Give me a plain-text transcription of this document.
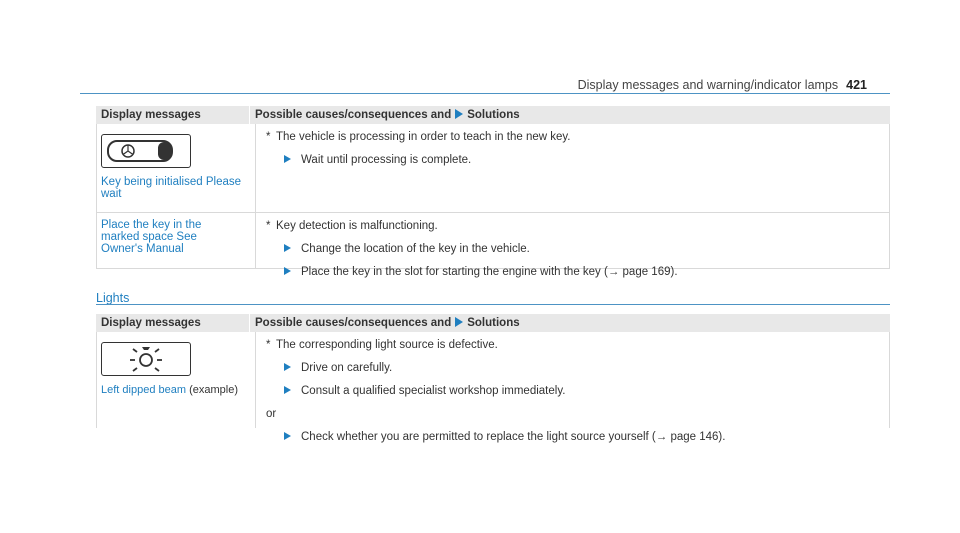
Display messages and warning/indicator lamps 421
Display messages	Possible causes/consequences and Solutions
Key being initialised Please wait
* The vehicle is processing in order to teach in the new key.
Wait until processing is complete.
Place the key in the marked space See Owner's Manual
* Key detection is malfunctioning.
Change the location of the key in the vehicle.
Place the key in the slot for starting the engine with the key (→ page 169).
Lights
Display messages	Possible causes/consequences and Solutions
Left dipped beam (example)
* The corresponding light source is defective.
Drive on carefully.
Consult a qualified specialist workshop immediately.
or
Check whether you are permitted to replace the light source yourself (→ page 146).
